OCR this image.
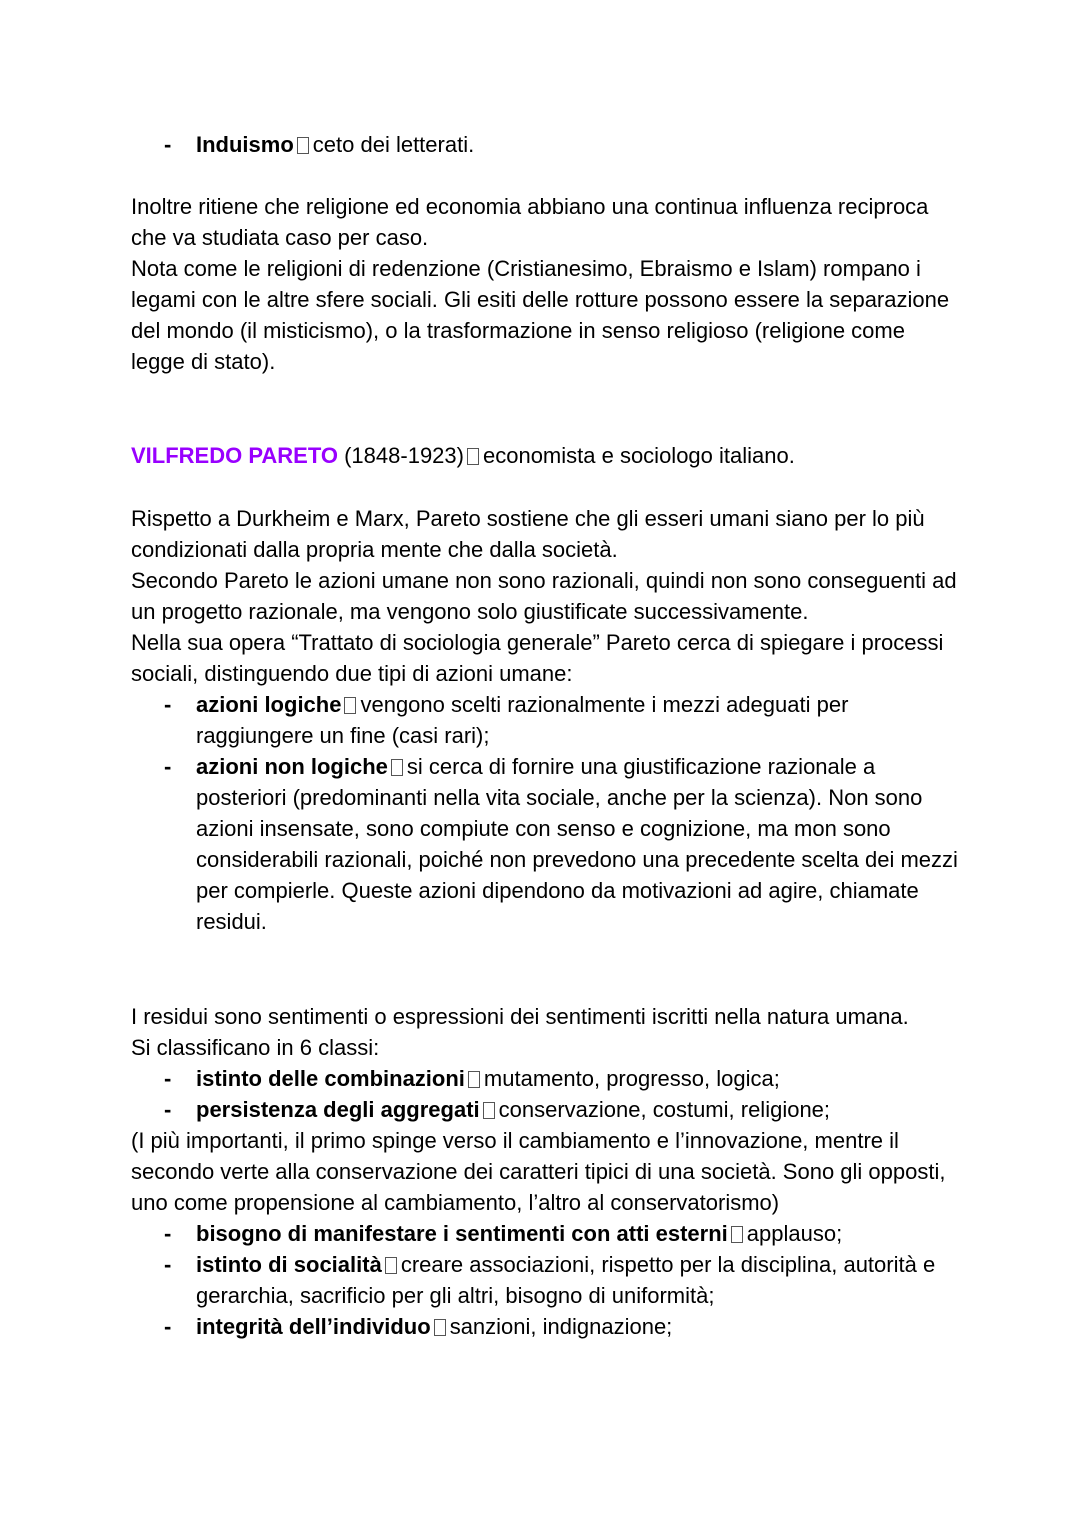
- Induismo ceto dei letterati.

Inoltre ritiene che religione ed economia abbiano una continua influenza reciproca che va studiata caso per caso.

Nota come le religioni di redenzione (Cristianesimo, Ebraismo e Islam) rompano i legami con le altre sfere sociali. Gli esiti delle rotture possono essere la separazione del mondo (il misticismo), o la trasformazione in senso religioso (religione come legge di stato).

VILFREDO PARETO (1848-1923) economista e sociologo italiano.

Rispetto a Durkheim e Marx, Pareto sostiene che gli esseri umani siano per lo più condizionati dalla propria mente che dalla società.

Secondo Pareto le azioni umane non sono razionali, quindi non sono conseguenti ad un progetto razionale, ma vengono solo giustificate successivamente.

Nella sua opera “Trattato di sociologia generale” Pareto cerca di spiegare i processi sociali, distinguendo due tipi di azioni umane:

- azioni logiche vengono scelti razionalmente i mezzi adeguati per raggiungere un fine (casi rari);
- azioni non logiche si cerca di fornire una giustificazione razionale a posteriori (predominanti nella vita sociale, anche per la scienza). Non sono azioni insensate, sono compiute con senso e cognizione, ma mon sono considerabili razionali, poiché non prevedono una precedente scelta dei mezzi per compierle. Queste azioni dipendono da motivazioni ad agire, chiamate residui.

I residui sono sentimenti o espressioni dei sentimenti iscritti nella natura umana.

Si classificano in 6 classi:

- istinto delle combinazioni mutamento, progresso, logica;
- persistenza degli aggregati conservazione, costumi, religione;

(I più importanti, il primo spinge verso il cambiamento e l’innovazione, mentre il secondo verte alla conservazione dei caratteri tipici di una società. Sono gli opposti, uno come propensione al cambiamento, l’altro al conservatorismo)

- bisogno di manifestare i sentimenti con atti esterni applauso;
- istinto di socialità creare associazioni, rispetto per la disciplina, autorità e gerarchia, sacrificio per gli altri, bisogno di uniformità;
- integrità dell’individuo sanzioni, indignazione;
